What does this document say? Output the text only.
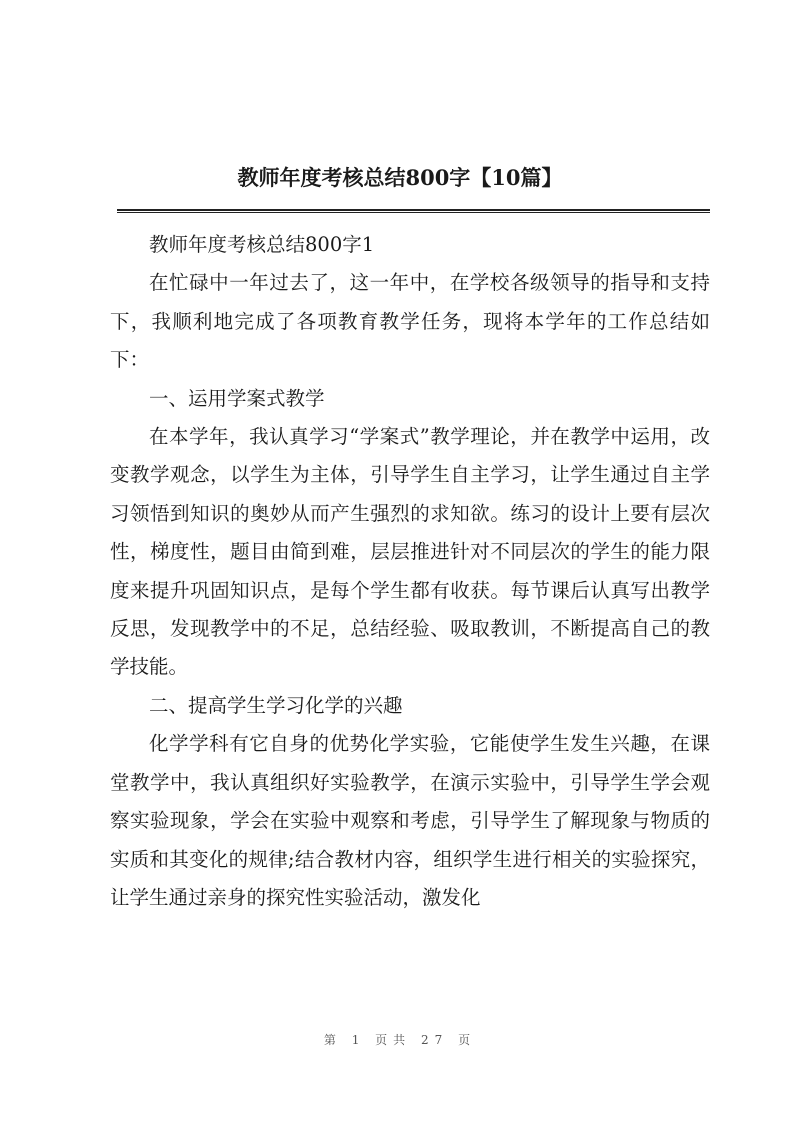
教师年度考核总结800字【10篇】

教师年度考核总结800字1

在忙碌中一年过去了，这一年中，在学校各级领导的指导和支持下，我顺利地完成了各项教育教学任务，现将本学年的工作总结如下：

一、运用学案式教学

在本学年，我认真学习“学案式”教学理论，并在教学中运用，改变教学观念，以学生为主体，引导学生自主学习，让学生通过自主学习领悟到知识的奥妙从而产生强烈的求知欲。练习的设计上要有层次性，梯度性，题目由简到难，层层推进针对不同层次的学生的能力限度来提升巩固知识点，是每个学生都有收获。每节课后认真写出教学反思，发现教学中的不足，总结经验、吸取教训，不断提高自己的教学技能。

二、提高学生学习化学的兴趣

化学学科有它自身的优势化学实验，它能使学生发生兴趣，在课堂教学中，我认真组织好实验教学，在演示实验中，引导学生学会观察实验现象，学会在实验中观察和考虑，引导学生了解现象与物质的实质和其变化的规律;结合教材内容，组织学生进行相关的实验探究，让学生通过亲身的探究性实验活动，激发化

第 1 页共 27 页
